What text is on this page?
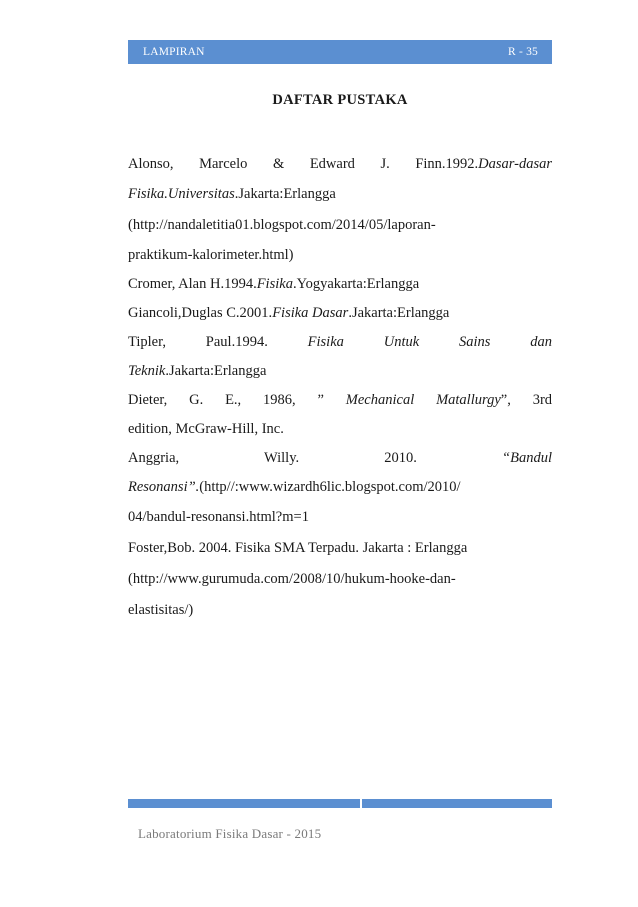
LAMPIRAN	R - 35
DAFTAR PUSTAKA
Alonso, Marcelo & Edward J. Finn.1992.Dasar-dasar
Fisika.Universitas.Jakarta:Erlangga
(http://nandaletitia01.blogspot.com/2014/05/laporan-
praktikum-kalorimeter.html)
Cromer, Alan H.1994.Fisika.Yogyakarta:Erlangga
Giancoli,Duglas C.2001.Fisika Dasar.Jakarta:Erlangga
Tipler,	Paul.1994.	Fisika	Untuk	Sains	dan
Teknik.Jakarta:Erlangga
Dieter, G. E., 1986, ” Mechanical Matallurgy”, 3rd
edition, McGraw-Hill, Inc.
Anggria,	Willy.	2010.	“Bandul
Resonansi”.(http//:www.wizardh6lic.blogspot.com/2010/
04/bandul-resonansi.html?m=1
Foster,Bob. 2004. Fisika SMA Terpadu. Jakarta : Erlangga
(http://www.gurumuda.com/2008/10/hukum-hooke-dan-
elastisitas/)
Laboratorium Fisika Dasar - 2015
